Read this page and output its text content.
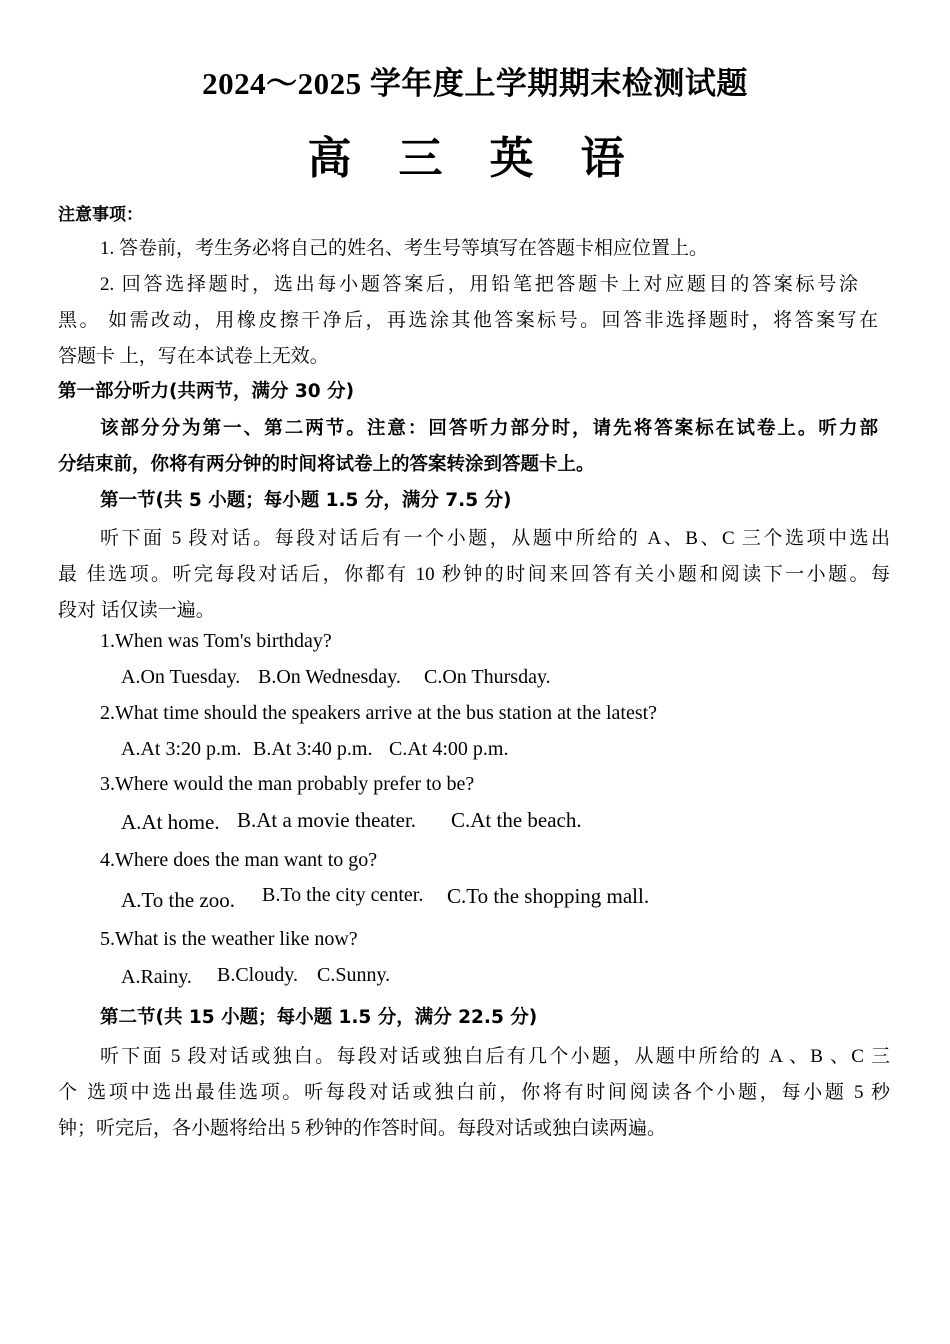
2024～2025 学年度上学期期末检测试题
高 三 英 语
注意事项：
1. 答卷前，考生务必将自己的姓名、考生号等填写在答题卡相应位置上。
2. 回答选择题时，选出每小题答案后，用铅笔把答题卡上对应题目的答案标号涂
黑。 如需改动，用橡皮擦干净后，再选涂其他答案标号。回答非选择题时，将答案写在
答题卡 上，写在本试卷上无效。
第一部分听力(共两节，满分 30 分)
该部分分为第一、第二两节。注意：回答听力部分时，请先将答案标在试卷上。听力部
分结束前，你将有两分钟的时间将试卷上的答案转涂到答题卡上。
第一节(共 5 小题；每小题 1.5 分，满分 7.5 分)
听下面 5 段对话。每段对话后有一个小题，从题中所给的 A、B、C 三个选项中选出
最 佳选项。听完每段对话后，你都有 10 秒钟的时间来回答有关小题和阅读下一小题。每
段对 话仅读一遍。
1.When was Tom's birthday?
A.On Tuesday. B.On Wednesday. C.On Thursday.
2.What time should the speakers arrive at the bus station at the latest?
A.At 3:20 p.m. B.At 3:40 p.m. C.At 4:00 p.m.
3.Where would the man probably prefer to be?
A.At home. B.At a movie theater. C.At the beach.
4.Where does the man want to go?
A.To the zoo. B.To the city center. C.To the shopping mall.
5.What is the weather like now?
A.Rainy. B.Cloudy. C.Sunny.
第二节(共 15 小题；每小题 1.5 分，满分 22.5 分)
听下面 5 段对话或独白。每段对话或独白后有几个小题，从题中所给的 A 、B 、C 三
个 选项中选出最佳选项。听每段对话或独白前，你将有时间阅读各个小题，每小题 5 秒
钟；听完后，各小题将给出 5 秒钟的作答时间。每段对话或独白读两遍。
